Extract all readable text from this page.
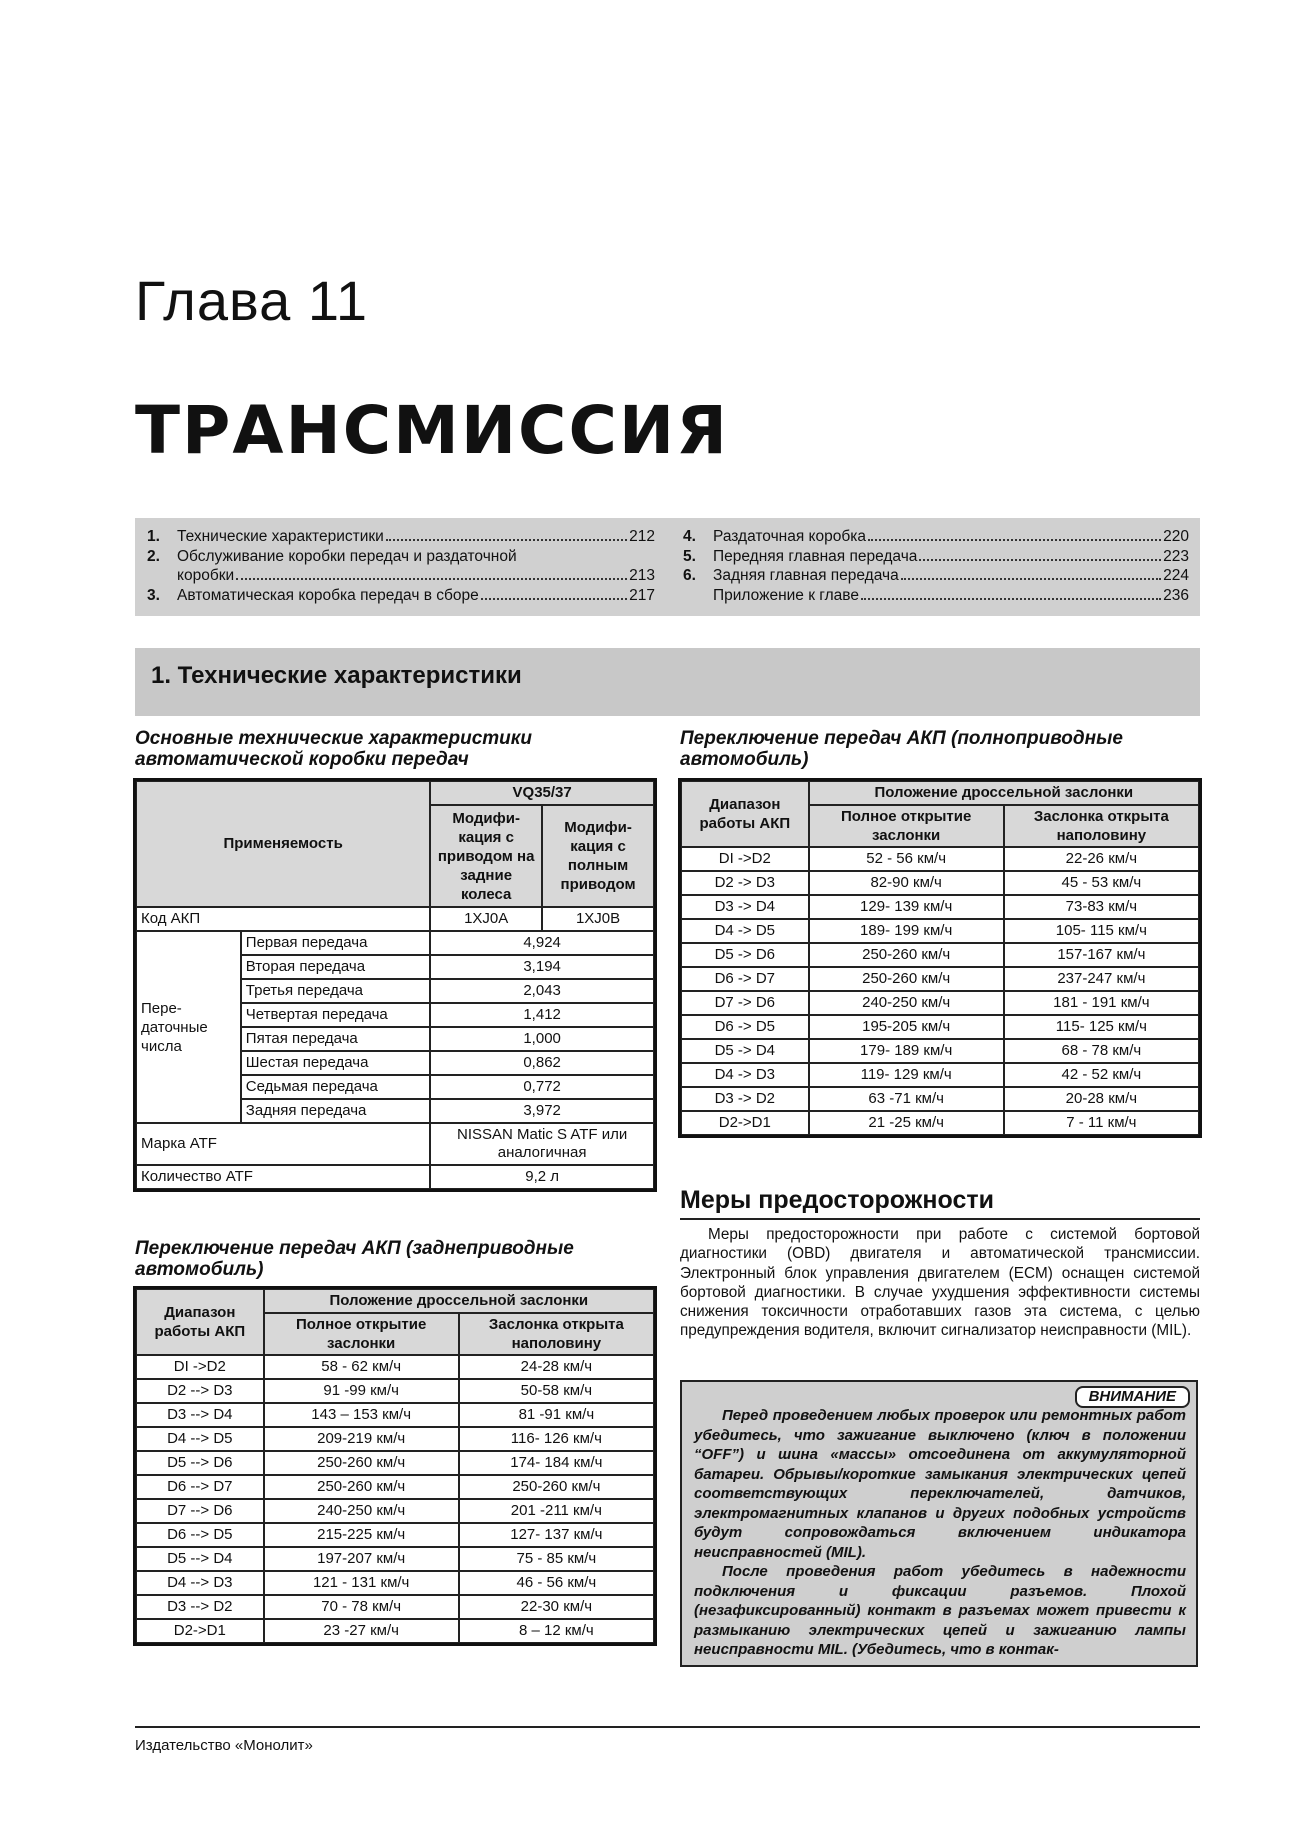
Глава 11
ТРАНСМИССИЯ
1.	Технические характеристики	212
2.	Обслуживание коробки передач и раздаточной
коробки	213
3.	Автоматическая коробка передач в сборе	217
4.	Раздаточная коробка	220
5.	Передняя главная передача	223
6.	Задняя главная передача	224
Приложение к главе	236
1. Технические характеристики
Основные технические характеристики автоматической коробки передач
Применяемость		VQ35/37	
		Модифи-кация с приводом на задние колеса	Модифи-кация с полным приводом
Код АКП		1XJ0A	1XJ0B
Пере-даточные числа	Первая передача	4,924	
	Вторая передача	3,194	
	Третья передача	2,043	
	Четвертая передача	1,412	
	Пятая передача	1,000	
	Шестая передача	0,862	
	Седьмая передача	0,772	
	Задняя передача	3,972	
Марка ATF		NISSAN Matic S ATF или аналогичная	
Количество ATF		9,2 л	
Переключение передач АКП (заднеприводные автомобиль)
Диапазон работы АКП	Положение дроссельной заслонки	
	Полное открытие заслонки	Заслонка открыта наполовину
DI ->D2	58 - 62 км/ч	24-28 км/ч
D2 --> D3	91 -99 км/ч	50-58 км/ч
D3 --> D4	143 – 153 км/ч	81 -91 км/ч
D4 --> D5	209-219 км/ч	116- 126 км/ч
D5 --> D6	250-260 км/ч	174- 184 км/ч
D6 --> D7	250-260 км/ч	250-260 км/ч
D7 --> D6	240-250 км/ч	201 -211 км/ч
D6 --> D5	215-225 км/ч	127- 137 км/ч
D5 --> D4	197-207 км/ч	75 - 85 км/ч
D4 --> D3	121 - 131 км/ч	46 - 56 км/ч
D3 --> D2	70 - 78 км/ч	22-30 км/ч
D2->D1	23 -27 км/ч	8 – 12 км/ч
Переключение передач АКП (полноприводные автомобиль)
Диапазон работы АКП	Положение дроссельной заслонки	
	Полное открытие заслонки	Заслонка открыта наполовину
DI ->D2	52 - 56 км/ч	22-26 км/ч
D2 -> D3	82-90 км/ч	45 - 53 км/ч
D3 -> D4	129- 139 км/ч	73-83 км/ч
D4 -> D5	189- 199 км/ч	105- 115 км/ч
D5 -> D6	250-260 км/ч	157-167 км/ч
D6 -> D7	250-260 км/ч	237-247 км/ч
D7 -> D6	240-250 км/ч	181 - 191 км/ч
D6 -> D5	195-205 км/ч	115- 125 км/ч
D5 -> D4	179- 189 км/ч	68 - 78 км/ч
D4 -> D3	119- 129 км/ч	42 - 52 км/ч
D3 -> D2	63 -71 км/ч	20-28 км/ч
D2->D1	21 -25 км/ч	7 - 11 км/ч
Меры предосторожности

Меры предосторожности при работе с системой бортовой диагностики (OBD) двигателя и автоматической трансмиссии. Электронный блок управления двигателем (ECM) оснащен системой бортовой диагностики. В случае ухудшения эффективности системы снижения токсичности отработавших газов эта система, с целью предупреждения водителя, включит сигнализатор неисправности (MIL).

ВНИМАНИЕ

Перед проведением любых проверок или ремонтных работ убедитесь, что зажигание выключено (ключ в положении “OFF”) и шина «массы» отсоединена от аккумуляторной батареи. Обрывы/короткие замыкания электрических цепей соответствующих переключателей, датчиков, электромагнитных клапанов и других подобных устройств будут сопровождаться включением индикатора неисправностей (MIL).

После проведения работ убедитесь в надежности подключения и фиксации разъемов. Плохой (незафиксированный) контакт в разъемах может привести к размыканию электрических цепей и зажиганию лампы неисправности MIL. (Убедитесь, что в контак-

Издательство «Монолит»
